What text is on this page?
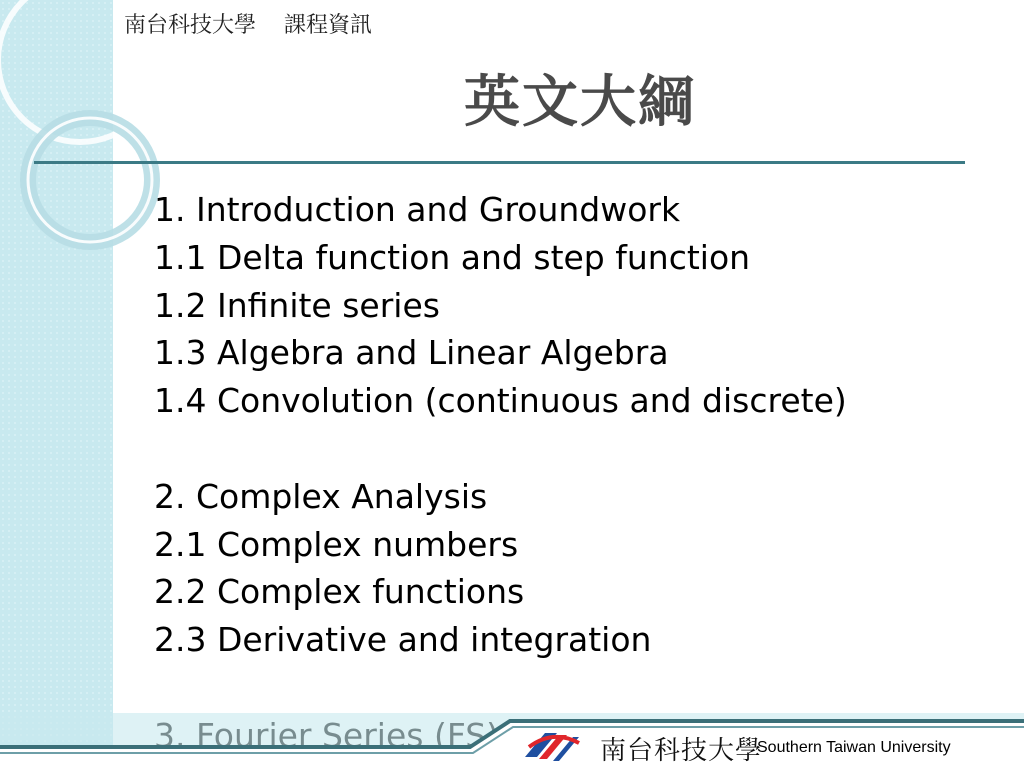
南台科技大學 課程資訊
英文大綱
1. Introduction and Groundwork
1.1 Delta function and step function
1.2 Infinite series
1.3 Algebra and Linear Algebra
1.4 Convolution (continuous and discrete)
2. Complex Analysis
2.1 Complex numbers
2.2 Complex functions
2.3 Derivative and integration
南台科技大學
Southern Taiwan University
